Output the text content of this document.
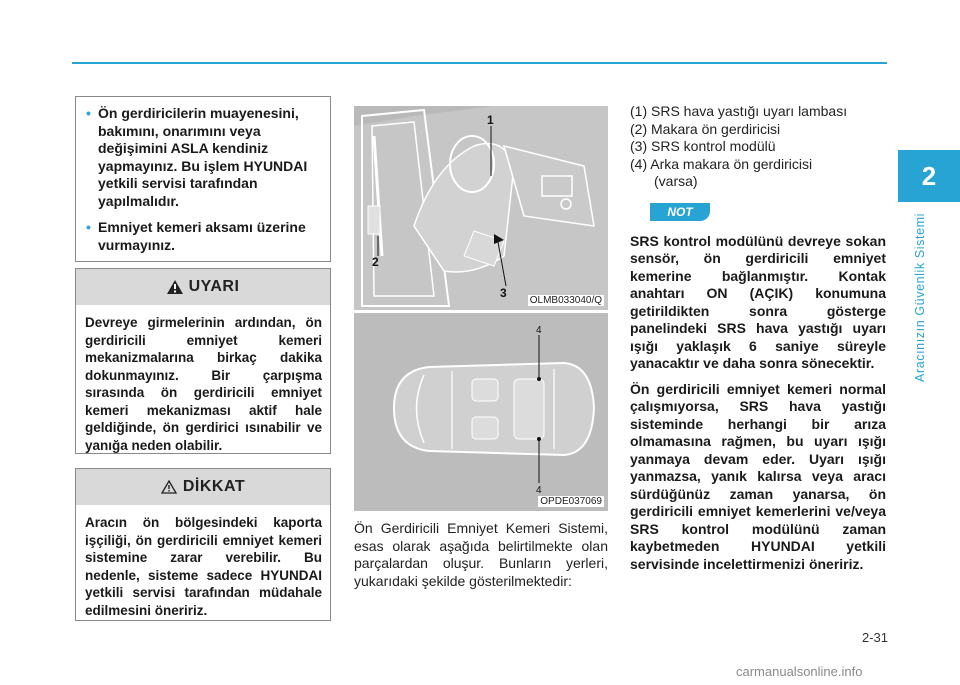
2
Aracınızın Güvenlik Sistemi
• Ön gerdiricilerin muayenesini, bakımını, onarımını veya değişimini ASLA kendiniz yapmayınız. Bu işlem HYUNDAI yetkili servisi tarafından yapılmalıdır.
• Emniyet kemeri aksamı üzerine vurmayınız.
UYARI
Devreye girmelerinin ardından, ön gerdiricili emniyet kemeri mekanizmalarına birkaç dakika dokunmayınız. Bir çarpışma sırasında ön gerdiricili emniyet kemeri mekanizması aktif hale geldiğinde, ön gerdirici ısınabilir ve yanığa neden olabilir.
DİKKAT
Aracın ön bölgesindeki kaporta işçiliği, ön gerdiricili emniyet kemeri sistemine zarar verebilir. Bu nedenle, sisteme sadece HYUNDAI yetkili servisi tarafından müdahale edilmesini öneririz.
1
2
3
OLMB033040/Q
4
4
OPDE037069
Ön Gerdiricili Emniyet Kemeri Sistemi, esas olarak aşağıda belirtilmekte olan parçalardan oluşur. Bunların yerleri, yukarıdaki şekilde gösterilmektedir:
(1) SRS hava yastığı uyarı lambası
(2) Makara ön gerdiricisi
(3) SRS kontrol modülü
(4) Arka makara ön gerdiricisi
(varsa)
NOT
SRS kontrol modülünü devreye sokan sensör, ön gerdiricili emniyet kemerine bağlanmıştır. Kontak anahtarı ON (AÇIK) konumuna getirildikten sonra gösterge panelindeki SRS hava yastığı uyarı ışığı yaklaşık 6 saniye süreyle yanacaktır ve daha sonra sönecektir.
Ön gerdiricili emniyet kemeri normal çalışmıyorsa, SRS hava yastığı sisteminde herhangi bir arıza olmamasına rağmen, bu uyarı ışığı yanmaya devam eder. Uyarı ışığı yanmazsa, yanık kalırsa veya aracı sürdüğünüz zaman yanarsa, ön gerdiricili emniyet kemerlerini ve/veya SRS kontrol modülünü zaman kaybetmeden HYUNDAI yetkili servisinde incelettirmenizi öneririz.
2-31
carmanualsonline.info
